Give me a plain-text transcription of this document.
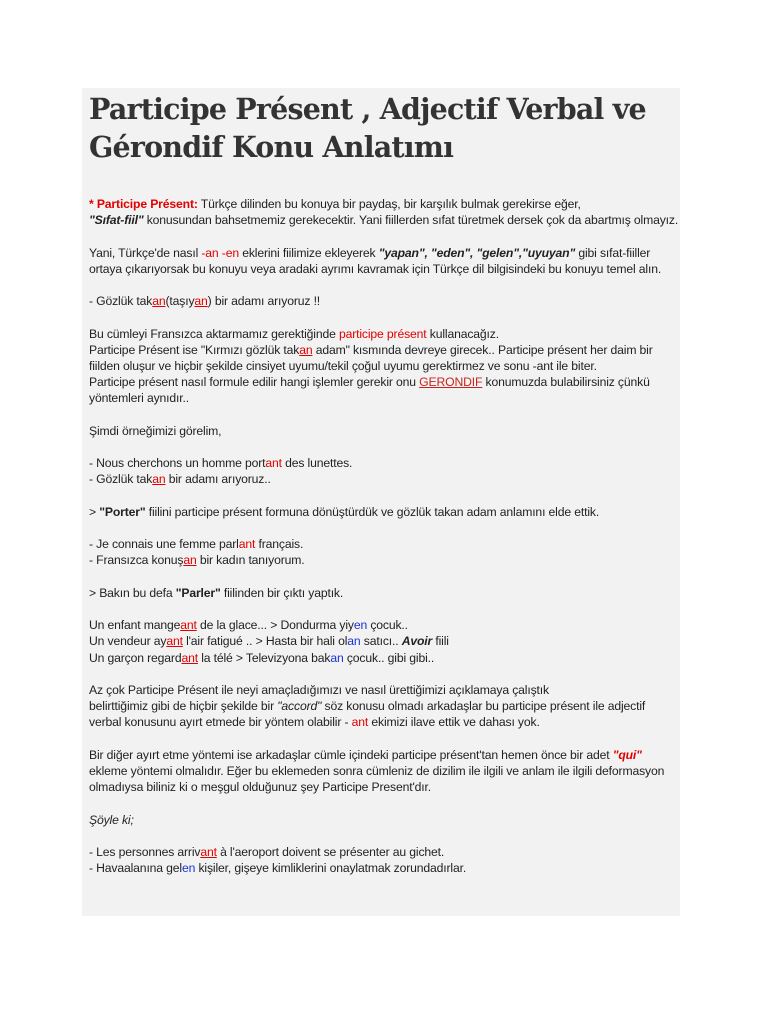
Participe Présent , Adjectif Verbal ve Gérondif Konu Anlatımı

* Participe Présent: Türkçe dilinden bu konuya bir paydaş, bir karşılık bulmak gerekirse eğer,
"Sıfat-fiil" konusundan bahsetmemiz gerekecektir. Yani fiillerden sıfat türetmek dersek çok da abartmış olmayız.

Yani, Türkçe'de nasıl -an -en eklerini fiilimize ekleyerek "yapan", "eden", "gelen","uyuyan" gibi sıfat-fiiller ortaya çıkarıyorsak bu konuyu veya aradaki ayrımı kavramak için Türkçe dil bilgisindeki bu konuyu temel alın.

- Gözlük takan(taşıyan) bir adamı arıyoruz !!

Bu cümleyi Fransızca aktarmamız gerektiğinde participe présent kullanacağız.
Participe Présent ise "Kırmızı gözlük takan adam" kısmında devreye girecek.. Participe présent her daim bir fiilden oluşur ve hiçbir şekilde cinsiyet uyumu/tekil çoğul uyumu gerektirmez ve sonu -ant ile biter.
Participe présent nasıl formule edilir hangi işlemler gerekir onu GERONDIF konumuzda bulabilirsiniz çünkü yöntemleri aynıdır..

Şimdi örneğimizi görelim,

- Nous cherchons un homme portant des lunettes.
- Gözlük takan bir adamı arıyoruz..

> "Porter" fiilini participe présent formuna dönüştürdük ve gözlük takan adam anlamını elde ettik.

- Je connais une femme parlant français.
- Fransızca konuşan bir kadın tanıyorum.

> Bakın bu defa "Parler" fiilinden bir çıktı yaptık.

Un enfant mangeant de la glace... > Dondurma yiyen çocuk..
Un vendeur ayant l'air fatigué .. > Hasta bir hali olan satıcı.. Avoir fiili
Un garçon regardant la télé > Televizyona bakan çocuk.. gibi gibi..

Az çok Participe Présent ile neyi amaçladığımızı ve nasıl ürettiğimizi açıklamaya çalıştık
belirttiğimiz gibi de hiçbir şekilde bir "accord" söz konusu olmadı arkadaşlar bu participe présent ile adjectif verbal konusunu ayırt etmede bir yöntem olabilir - ant ekimizi ilave ettik ve dahası yok.

Bir diğer ayırt etme yöntemi ise arkadaşlar cümle içindeki participe présent'tan hemen önce bir adet "qui" ekleme yöntemi olmalıdır. Eğer bu eklemeden sonra cümleniz de dizilim ile ilgili ve anlam ile ilgili deformasyon olmadıysa biliniz ki o meşgul olduğunuz şey Participe Present'dır.

Şöyle ki;

- Les personnes arrivant à l'aeroport doivent se présenter au gichet.
- Havaalanına gelen kişiler, gişeye kimliklerini onaylatmak zorundadırlar.
